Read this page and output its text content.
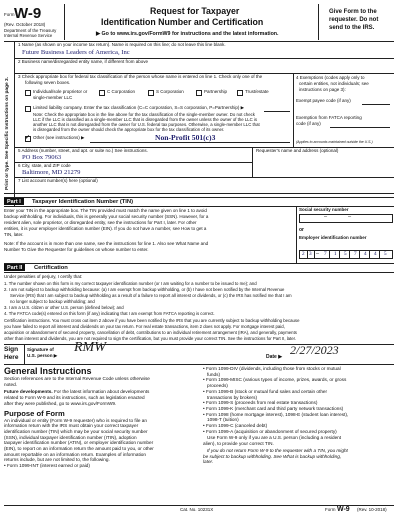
Form W-9
(Rev. October 2018)
Department of the Treasury
Internal Revenue Service
Request for Taxpayer
Identification Number and Certification
▶ Go to www.irs.gov/FormW9 for instructions and the latest information.
Give Form to the
requester. Do not
send to the IRS.
Print or type. See Specific Instructions on page 3.
1 Name (as shown on your income tax return). Name is required on this line; do not leave this line blank.
Future Business Leaders of America, Inc
2 Business name/disregarded entity name, if different from above
3 Check appropriate box for federal tax classification of the person whose name is entered on line 1. Check only one of the
following seven boxes.
Individual/sole proprietor or
single-member LLC
C Corporation	S Corporation	Partnership	Trust/estate
Limited liability company. Enter the tax classification (C=C corporation, S=S corporation, P=Partnership) ▶
Note: Check the appropriate box in the line above for the tax classification of the single-member owner. Do not check
LLC if the LLC is classified as a single-member LLC that is disregarded from the owner unless the owner of the LLC is
another LLC that is not disregarded from the owner for U.S. federal tax purposes. Otherwise, a single-member LLC that
is disregarded from the owner should check the appropriate box for the tax classification of its owner.
✓
Other (see instructions) ▶	Non-Profit 501(c)3
4 Exemptions (codes apply only to
certain entities, not individuals; see
instructions on page 3):
Exempt payee code (if any)
Exemption from FATCA reporting
code (if any)
(Applies to accounts maintained outside the U.S.)
5 Address (number, street, and apt. or suite no.) See instructions.
PO Box 79063
Requester's name and address (optional)
6 City, state, and ZIP code
Baltimore, MD 21279
7 List account number(s) here (optional)
Part I	Taxpayer Identification Number (TIN)
Enter your TIN in the appropriate box. The TIN provided must match the name given on line 1 to avoid
backup withholding. For individuals, this is generally your social security number (SSN). However, for a
resident alien, sole proprietor, or disregarded entity, see the instructions for Part I, later. For other
entities, it is your employer identification number (EIN). If you do not have a number, see How to get a
TIN, later.
Note: If the account is in more than one name, see the instructions for line 1. Also see What Name and
Number To Give the Requester for guidelines on whose number to enter.
Social security number
–	–
or
Employer identification number
2 3 – 7	1	5	7	4	4	5
Part II	Certification
Under penalties of perjury, I certify that:
1. The number shown on this form is my correct taxpayer identification number (or I am waiting for a number to be issued to me); and
2. I am not subject to backup withholding because: (a) I am exempt from backup withholding, or (b) I have not been notified by the Internal Revenue
Service (IRS) that I am subject to backup withholding as a result of a failure to report all interest or dividends, or (c) the IRS has notified me that I am
no longer subject to backup withholding; and
3. I am a U.S. citizen or other U.S. person (defined below); and
4. The FATCA code(s) entered on this form (if any) indicating that I am exempt from FATCA reporting is correct.
Certification instructions. You must cross out item 2 above if you have been notified by the IRS that you are currently subject to backup withholding because
you have failed to report all interest and dividends on your tax return. For real estate transactions, item 2 does not apply. For mortgage interest paid,
acquisition or abandonment of secured property, cancellation of debt, contributions to an individual retirement arrangement (IRA), and generally, payments
other than interest and dividends, you are not required to sign the certification, but you must provide your correct TIN. See the instructions for Part II, later.
Sign
Here
Signature of
U.S. person ▶
RMW
Date ▶ 2/27/2023

General Instructions

Section references are to the Internal Revenue Code unless otherwise

noted.

Future developments. For the latest information about developments

related to Form W-9 and its instructions, such as legislation enacted

after they were published, go to www.irs.gov/FormW9.

Purpose of Form

An individual or entity (Form W-9 requester) who is required to file an

information return with the IRS must obtain your correct taxpayer

identification number (TIN) which may be your social security number

(SSN), individual taxpayer identification number (ITIN), adoption

taxpayer identification number (ATIN), or employer identification number

(EIN), to report on an information return the amount paid to you, or other

amount reportable on an information return. Examples of information

returns include, but are not limited to, the following.

• Form 1099-INT (interest earned or paid)

• Form 1099-DIV (dividends, including those from stocks or mutual

funds)

• Form 1099-MISC (various types of income, prizes, awards, or gross

proceeds)

• Form 1099-B (stock or mutual fund sales and certain other

transactions by brokers)

• Form 1099-S (proceeds from real estate transactions)

• Form 1099-K (merchant card and third party network transactions)

• Form 1098 (home mortgage interest), 1098-E (student loan interest),

1098-T (tuition)

• Form 1099-C (canceled debt)

• Form 1099-A (acquisition or abandonment of secured property)

Use Form W-9 only if you are a U.S. person (including a resident

alien), to provide your correct TIN.

If you do not return Form W-9 to the requester with a TIN, you might

be subject to backup withholding. See What is backup withholding,

later.

Cat. No. 10231X	Form W-9 (Rev. 10-2018)
